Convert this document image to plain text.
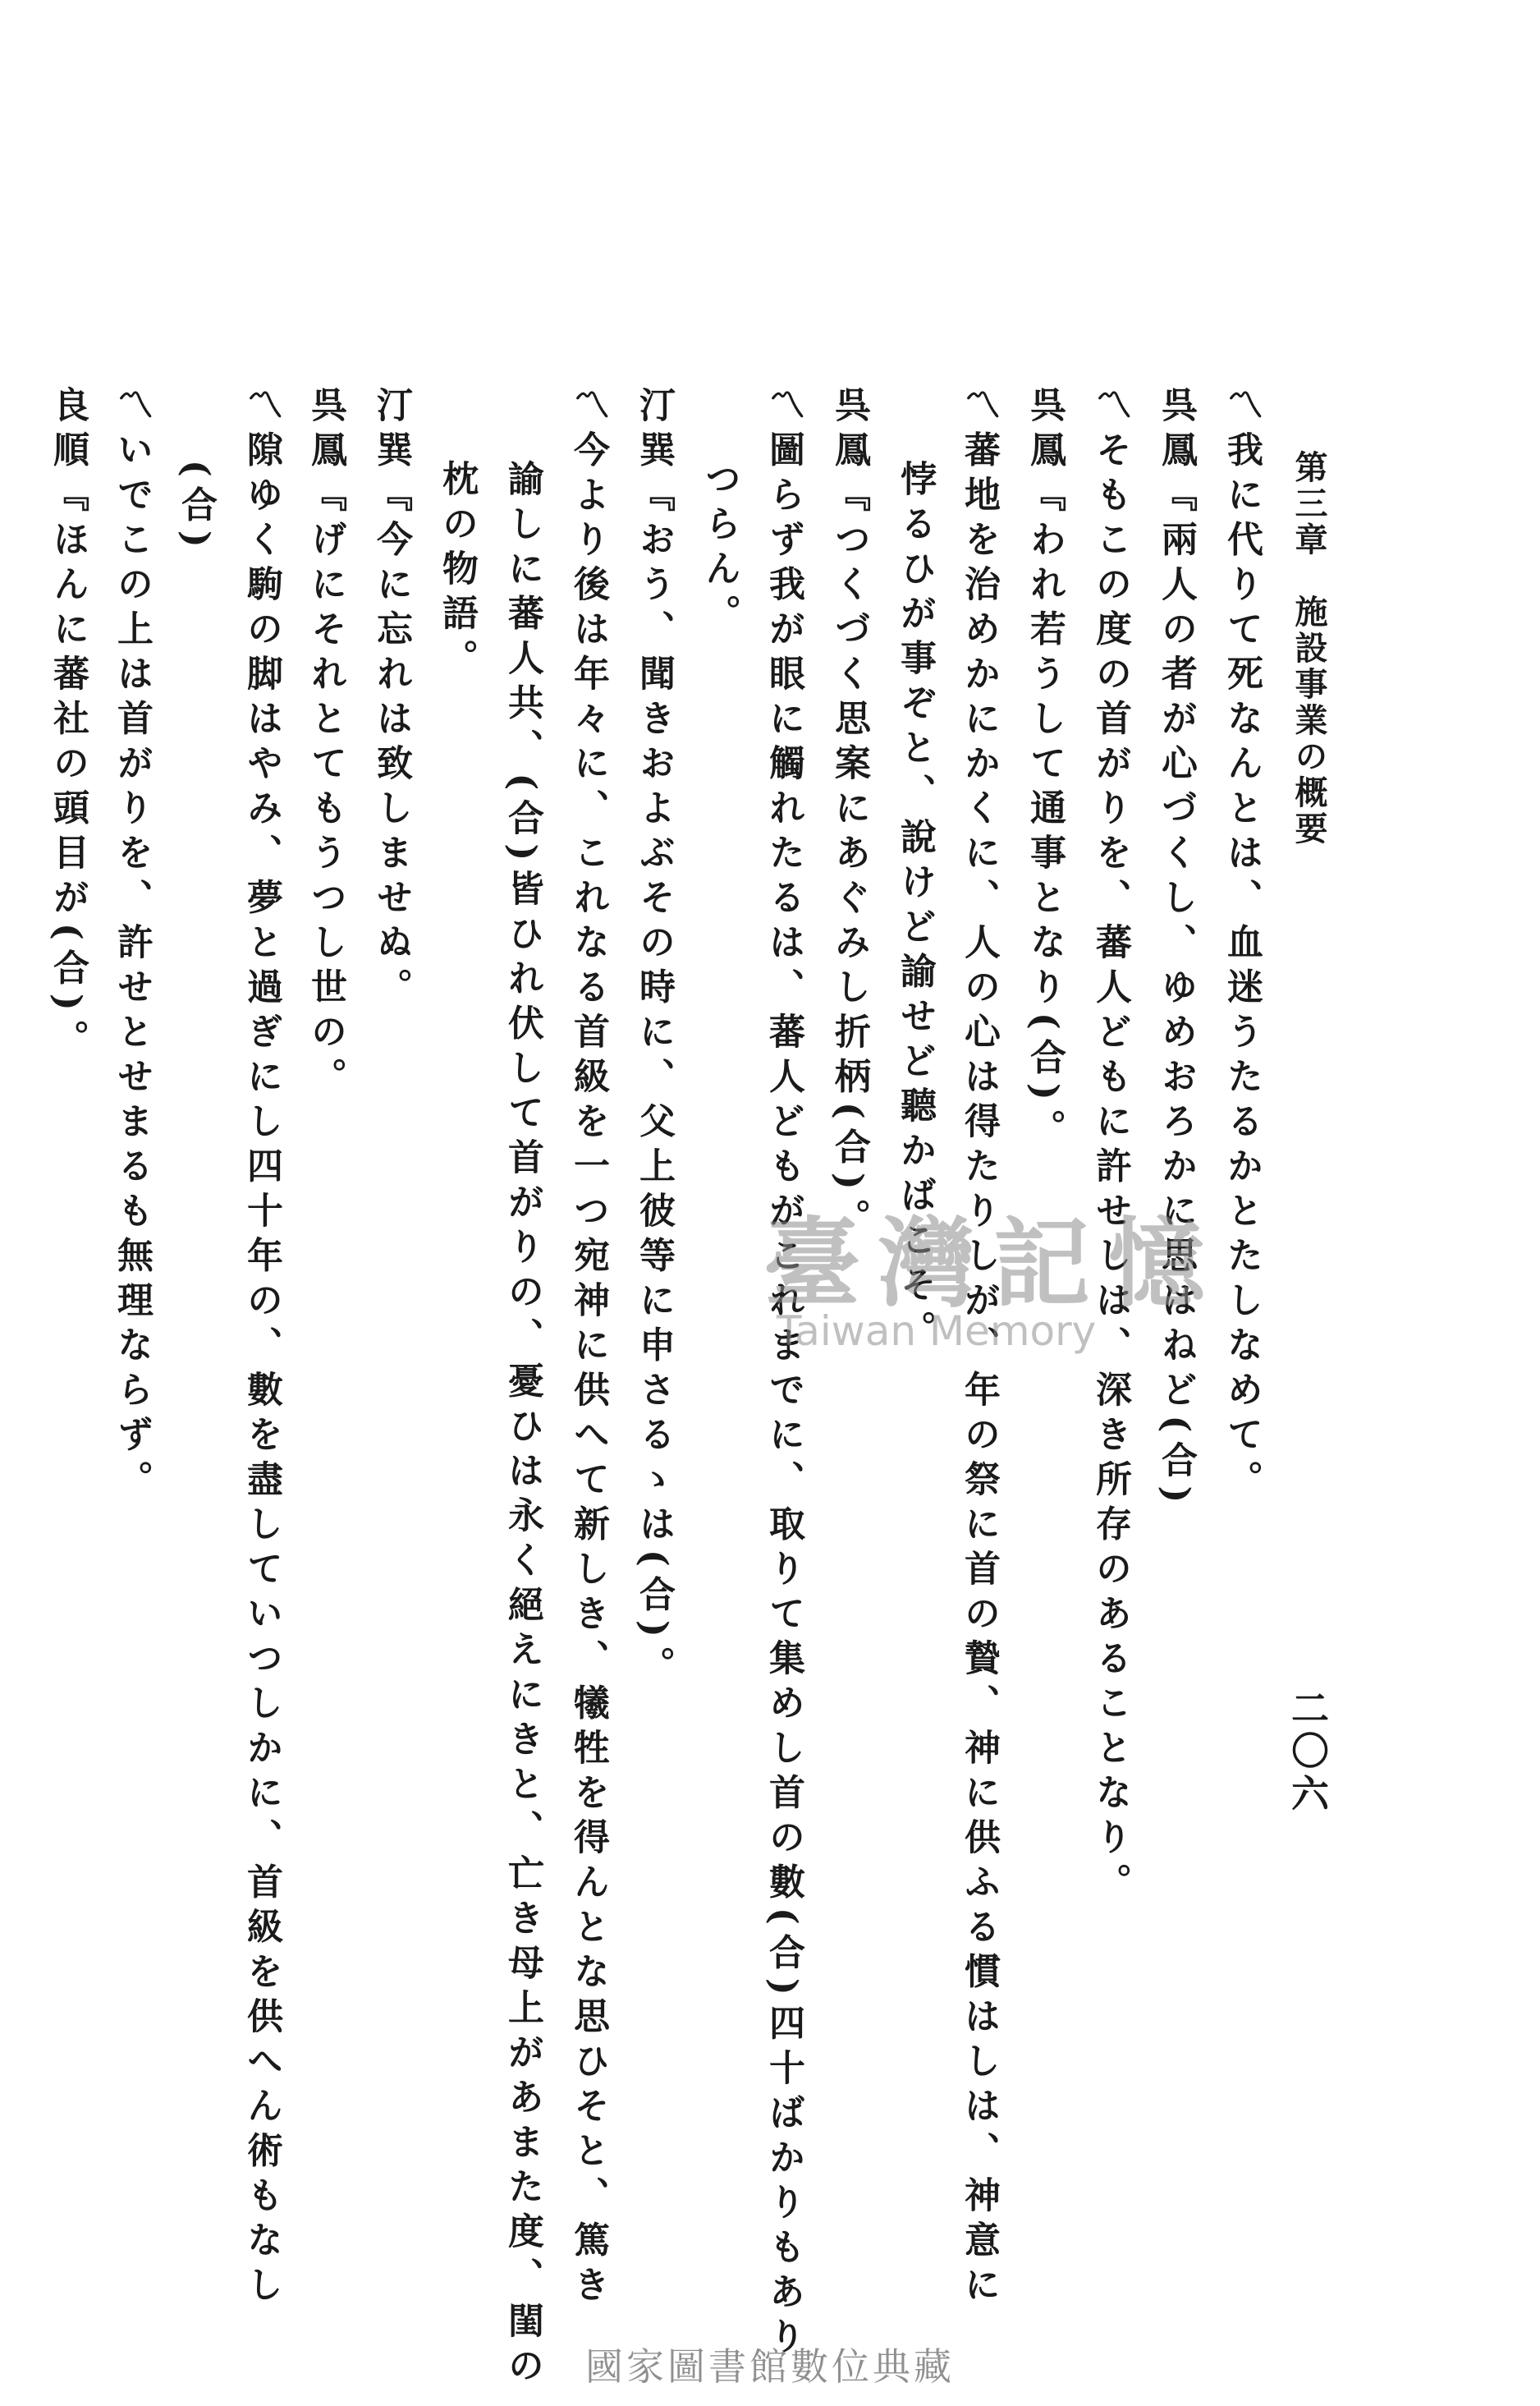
第三章　施設事業の概要
二〇六
〽我に代りて死なんとは、血迷うたるかとたしなめて。
呉鳳『兩人の者が心づくし、ゆめおろかに思はねど(合)
〽そもこの度の首がりを、蕃人どもに許せしは、深き所存のあることなり。
呉鳳『われ若うして通事となり(合)。
〽蕃地を治めかにかくに、人の心は得たりしが、年の祭に首の贄、神に供ふる慣はしは、神意に
悖るひが事ぞと、說けど諭せど聽かばこそ。
呉鳳『つくづく思案にあぐみし折柄(合)。
〽圖らず我が眼に觸れたるは、蕃人どもがこれまでに、取りて集めし首の數(合)四十ばかりもあり
つらん。
汀巽『おう、聞きおよぶその時に、父上彼等に申さるゝは(合)。
〽今より後は年々に、これなる首級を一つ宛神に供へて新しき、犧牲を得んとな思ひそと、篤き
諭しに蕃人共、(合)皆ひれ伏して首がりの、憂ひは永く絕えにきと、亡き母上があまた度、閨の
枕の物語。
汀巽『今に忘れは致しませぬ。
呉鳳『げにそれとてもうつし世の。
〽隙ゆく駒の脚はやみ、夢と過ぎにし四十年の、數を盡していつしかに、首級を供へん術もなし
(合)
〽いでこの上は首がりを、許せとせまるも無理ならず。
良順『ほんに蕃社の頭目が(合)。
臺灣記憶
Taiwan Memory
國家圖書館數位典藏
